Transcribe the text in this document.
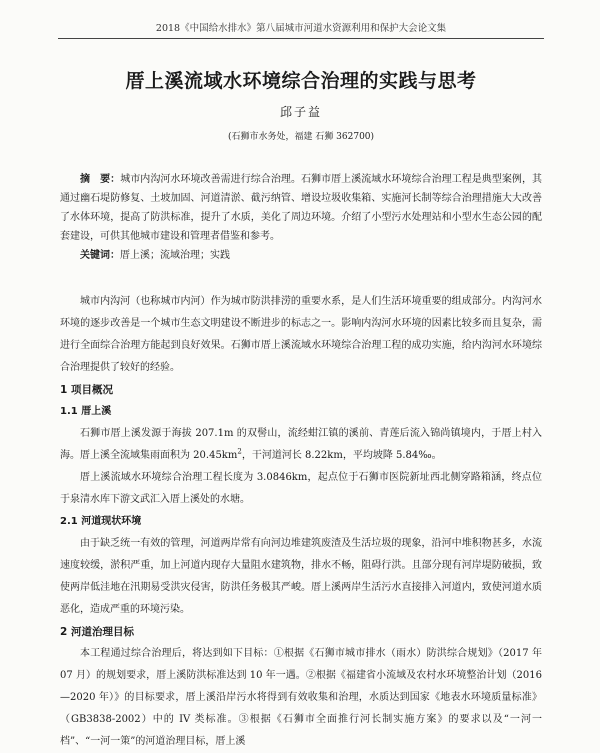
2018《中国给水排水》第八届城市河道水资源利用和保护大会论文集
厝上溪流域水环境综合治理的实践与思考
邱子益
(石狮市水务处，福建 石狮 362700)
摘　要：城市内沟河水环境改善需进行综合治理。石狮市厝上溪流域水环境综合治理工程是典型案例，其通过幽石堤防修复、土坡加固、河道清淤、截污纳管、增设垃圾收集箱、实施河长制等综合治理措施大大改善了水体环境，提高了防洪标准，提升了水质，美化了周边环境。介绍了小型污水处理站和小型水生态公园的配套建设，可供其他城市建设和管理者借鉴和参考。
关键词：厝上溪；流域治理；实践

城市内沟河（也称城市内河）作为城市防洪排涝的重要水系，是人们生活环境重要的组成部分。内沟河水环境的逐步改善是一个城市生态文明建设不断进步的标志之一。影响内沟河水环境的因素比较多而且复杂，需进行全面综合治理方能起到良好效果。石狮市厝上溪流域水环境综合治理工程的成功实施，给内沟河水环境综合治理提供了较好的经验。

1 项目概况
1.1 厝上溪

石狮市厝上溪发源于海拔 207.1m 的双髻山，流经蚶江镇的溪前、青莲后流入锦尚镇境内，于厝上村入海。厝上溪全流域集雨面积为 $20.45km^2$，干河道河长 8.22km，平均坡降 5.84‰。

厝上溪流域水环境综合治理工程长度为 3.0846km，起点位于石狮市医院新址西北侧穿路箱涵，终点位于泉清水库下游文武汇入厝上溪处的水塘。

2.1 河道现状环境

由于缺乏统一有效的管理，河道两岸常有向河边堆建筑废渣及生活垃圾的现象，沿河中堆积物甚多，水流速度较缓，淤积严重，加上河道内现存大量阻水建筑物，排水不畅，阻碍行洪。且部分现有河岸堤防破损，致使两岸低洼地在汛期易受洪灾侵害，防洪任务极其严峻。厝上溪两岸生活污水直接排入河道内，致使河道水质恶化，造成严重的环境污染。

2 河道治理目标

本工程通过综合治理后，将达到如下目标：①根据《石狮市城市排水（雨水）防洪综合规划》（2017 年 07 月）的规划要求，厝上溪防洪标准达到 10 年一遇。②根据《福建省小流域及农村水环境整治计划（2016—2020 年）》的目标要求，厝上溪沿岸污水将得到有效收集和治理，水质达到国家《地表水环境质量标准》（GB3838-2002）中的 IV 类标准。③根据《石狮市全面推行河长制实施方案》的要求以及“一河一档”、“一河一策”的河道治理目标，厝上溪
